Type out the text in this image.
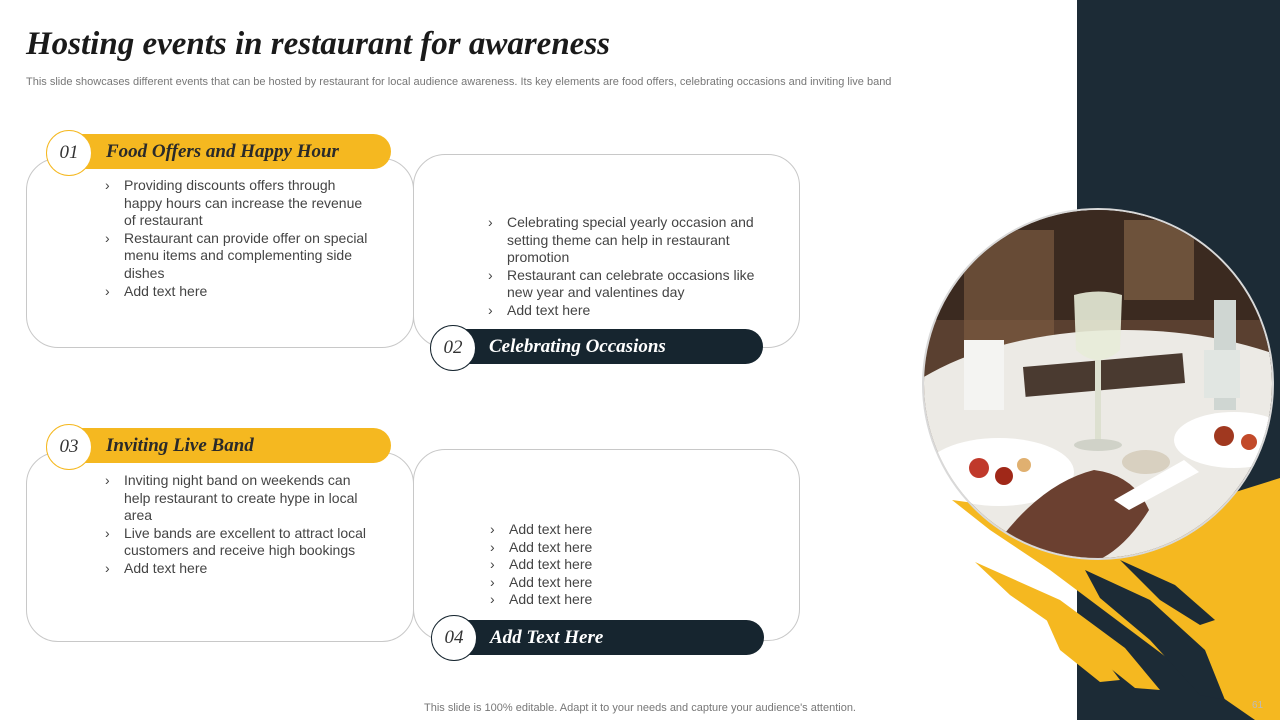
Hosting events in restaurant for awareness
This slide showcases different events that can be hosted by restaurant for local audience awareness. Its key elements are food offers, celebrating occasions and inviting live band
Food Offers and Happy Hour
01
› Providing discounts offers through happy hours can increase the revenue of restaurant
› Restaurant can provide offer on special menu items and complementing side dishes
› Add text here
Celebrating Occasions
02
› Celebrating special yearly occasion and setting theme can help in restaurant promotion
› Restaurant can celebrate occasions like new year and valentines day
› Add text here
Inviting Live Band
03
› Inviting night band on weekends can help restaurant to create hype in local area
› Live bands are excellent to attract local customers and receive high bookings
› Add text here
Add Text Here
04
› Add text here
› Add text here
› Add text here
› Add text here
› Add text here
This slide is 100% editable. Adapt it to your needs and capture your audience's attention.	61
